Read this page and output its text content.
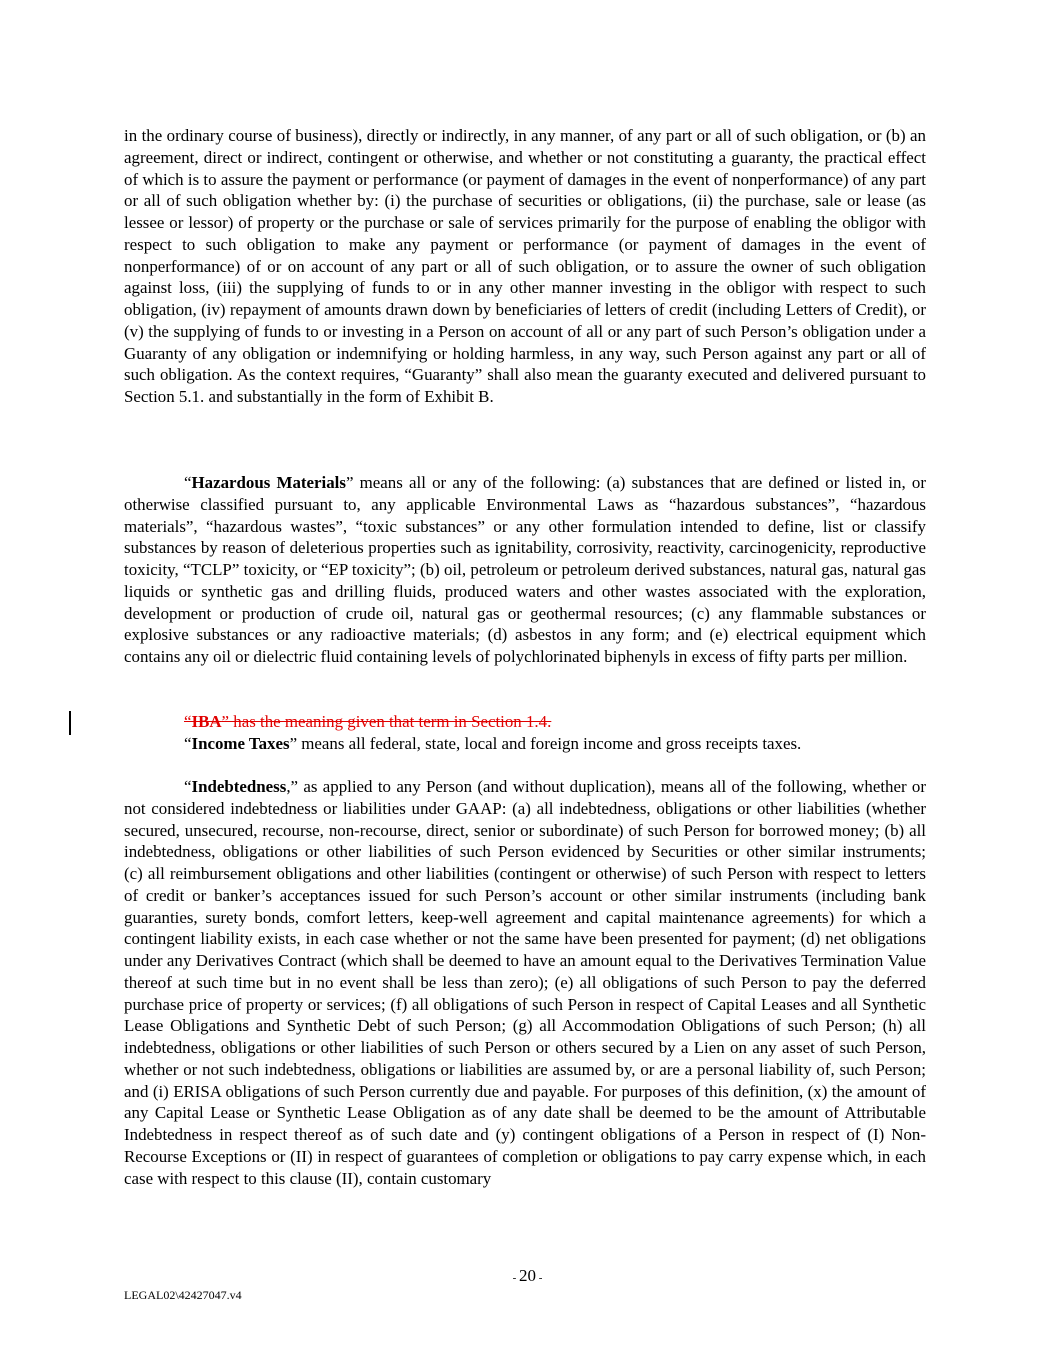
in the ordinary course of business), directly or indirectly, in any manner, of any part or all of such obligation, or (b) an agreement, direct or indirect, contingent or otherwise, and whether or not constituting a guaranty, the practical effect of which is to assure the payment or performance (or payment of damages in the event of nonperformance) of any part or all of such obligation whether by: (i) the purchase of securities or obligations, (ii) the purchase, sale or lease (as lessee or lessor) of property or the purchase or sale of services primarily for the purpose of enabling the obligor with respect to such obligation to make any payment or performance (or payment of damages in the event of nonperformance) of or on account of any part or all of such obligation, or to assure the owner of such obligation against loss, (iii) the supplying of funds to or in any other manner investing in the obligor with respect to such obligation, (iv) repayment of amounts drawn down by beneficiaries of letters of credit (including Letters of Credit), or (v) the supplying of funds to or investing in a Person on account of all or any part of such Person’s obligation under a Guaranty of any obligation or indemnifying or holding harmless, in any way, such Person against any part or all of such obligation. As the context requires, “Guaranty” shall also mean the guaranty executed and delivered pursuant to Section 5.1. and substantially in the form of Exhibit B.

“Hazardous Materials” means all or any of the following: (a) substances that are defined or listed in, or otherwise classified pursuant to, any applicable Environmental Laws as “hazardous substances”, “hazardous materials”, “hazardous wastes”, “toxic substances” or any other formulation intended to define, list or classify substances by reason of deleterious properties such as ignitability, corrosivity, reactivity, carcinogenicity, reproductive toxicity, “TCLP” toxicity, or “EP toxicity”; (b) oil, petroleum or petroleum derived substances, natural gas, natural gas liquids or synthetic gas and drilling fluids, produced waters and other wastes associated with the exploration, development or production of crude oil, natural gas or geothermal resources; (c) any flammable substances or explosive substances or any radioactive materials; (d) asbestos in any form; and (e) electrical equipment which contains any oil or dielectric fluid containing levels of polychlorinated biphenyls in excess of fifty parts per million.

“IBA” has the meaning given that term in Section 1.4.

“Income Taxes” means all federal, state, local and foreign income and gross receipts taxes.

“Indebtedness,” as applied to any Person (and without duplication), means all of the following, whether or not considered indebtedness or liabilities under GAAP: (a) all indebtedness, obligations or other liabilities (whether secured, unsecured, recourse, non-recourse, direct, senior or subordinate) of such Person for borrowed money; (b) all indebtedness, obligations or other liabilities of such Person evidenced by Securities or other similar instruments; (c) all reimbursement obligations and other liabilities (contingent or otherwise) of such Person with respect to letters of credit or banker’s acceptances issued for such Person’s account or other similar instruments (including bank guaranties, surety bonds, comfort letters, keep-well agreement and capital maintenance agreements) for which a contingent liability exists, in each case whether or not the same have been presented for payment; (d) net obligations under any Derivatives Contract (which shall be deemed to have an amount equal to the Derivatives Termination Value thereof at such time but in no event shall be less than zero); (e) all obligations of such Person to pay the deferred purchase price of property or services; (f) all obligations of such Person in respect of Capital Leases and all Synthetic Lease Obligations and Synthetic Debt of such Person; (g) all Accommodation Obligations of such Person; (h) all indebtedness, obligations or other liabilities of such Person or others secured by a Lien on any asset of such Person, whether or not such indebtedness, obligations or liabilities are assumed by, or are a personal liability of, such Person; and (i) ERISA obligations of such Person currently due and payable. For purposes of this definition, (x) the amount of any Capital Lease or Synthetic Lease Obligation as of any date shall be deemed to be the amount of Attributable Indebtedness in respect thereof as of such date and (y) contingent obligations of a Person in respect of (I) Non-Recourse Exceptions or (II) in respect of guarantees of completion or obligations to pay carry expense which, in each case with respect to this clause (II), contain customary

- 20 -
LEGAL02\42427047.v4
